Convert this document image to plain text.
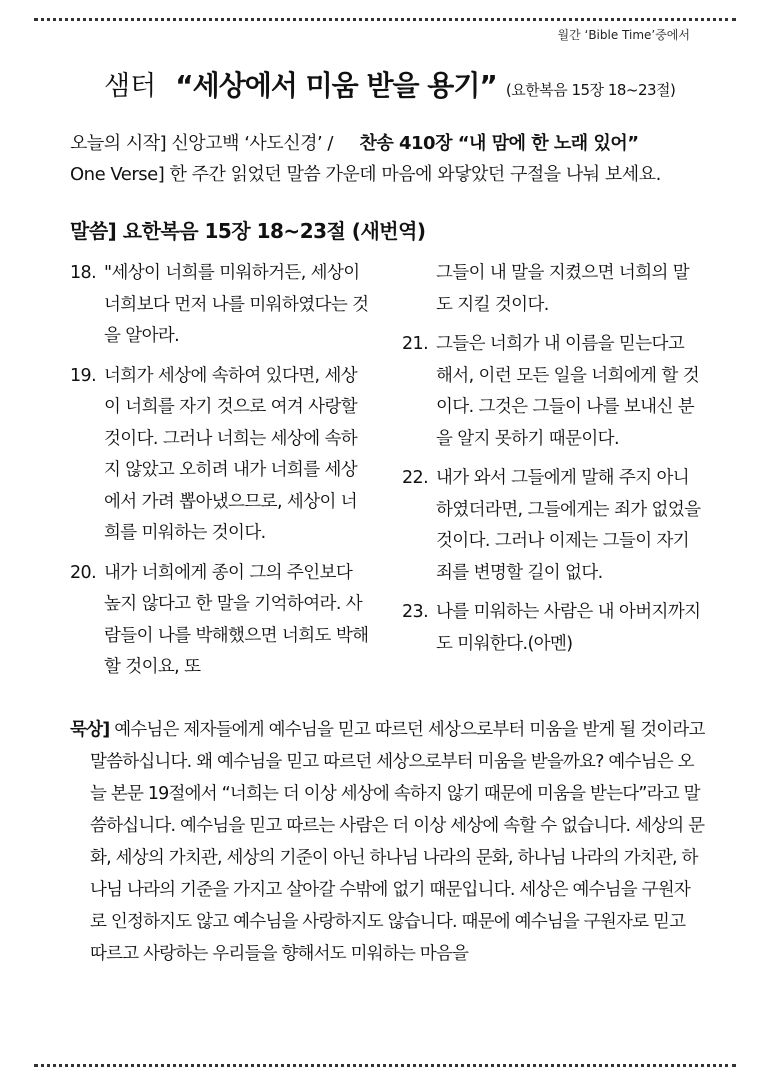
월간 ‘Bible Time’중에서
샘터 “세상에서 미움 받을 용기” (요한복음 15장 18~23절)
오늘의 시작] 신앙고백 ‘사도신경’ / 찬송 410장 “내 맘에 한 노래 있어”
One Verse] 한 주간 읽었던 말씀 가운데 마음에 와닿았던 구절을 나눠 보세요.
말씀] 요한복음 15장 18~23절 (새번역)
18. "세상이 너희를 미워하거든, 세상이 너희보다 먼저 나를 미워하였다는 것을 알아라.
19. 너희가 세상에 속하여 있다면, 세상이 너희를 자기 것으로 여겨 사랑할 것이다. 그러나 너희는 세상에 속하지 않았고 오히려 내가 너희를 세상에서 가려 뽑아냈으므로, 세상이 너희를 미워하는 것이다.
20. 내가 너희에게 종이 그의 주인보다 높지 않다고 한 말을 기억하여라. 사람들이 나를 박해했으면 너희도 박해할 것이요, 또
그들이 내 말을 지켰으면 너희의 말도 지킬 것이다.
21. 그들은 너희가 내 이름을 믿는다고 해서, 이런 모든 일을 너희에게 할 것이다. 그것은 그들이 나를 보내신 분을 알지 못하기 때문이다.
22. 내가 와서 그들에게 말해 주지 아니하였더라면, 그들에게는 죄가 없었을 것이다. 그러나 이제는 그들이 자기 죄를 변명할 길이 없다.
23. 나를 미워하는 사람은 내 아버지까지도 미워한다.(아멘)
묵상] 예수님은 제자들에게 예수님을 믿고 따르던 세상으로부터 미움을 받게 될 것이라고 말씀하십니다. 왜 예수님을 믿고 따르던 세상으로부터 미움을 받을까요? 예수님은 오늘 본문 19절에서 “너희는 더 이상 세상에 속하지 않기 때문에 미움을 받는다”라고 말씀하십니다. 예수님을 믿고 따르는 사람은 더 이상 세상에 속할 수 없습니다. 세상의 문화, 세상의 가치관, 세상의 기준이 아닌 하나님 나라의 문화, 하나님 나라의 가치관, 하나님 나라의 기준을 가지고 살아갈 수밖에 없기 때문입니다. 세상은 예수님을 구원자로 인정하지도 않고 예수님을 사랑하지도 않습니다. 때문에 예수님을 구원자로 믿고 따르고 사랑하는 우리들을 향해서도 미워하는 마음을
